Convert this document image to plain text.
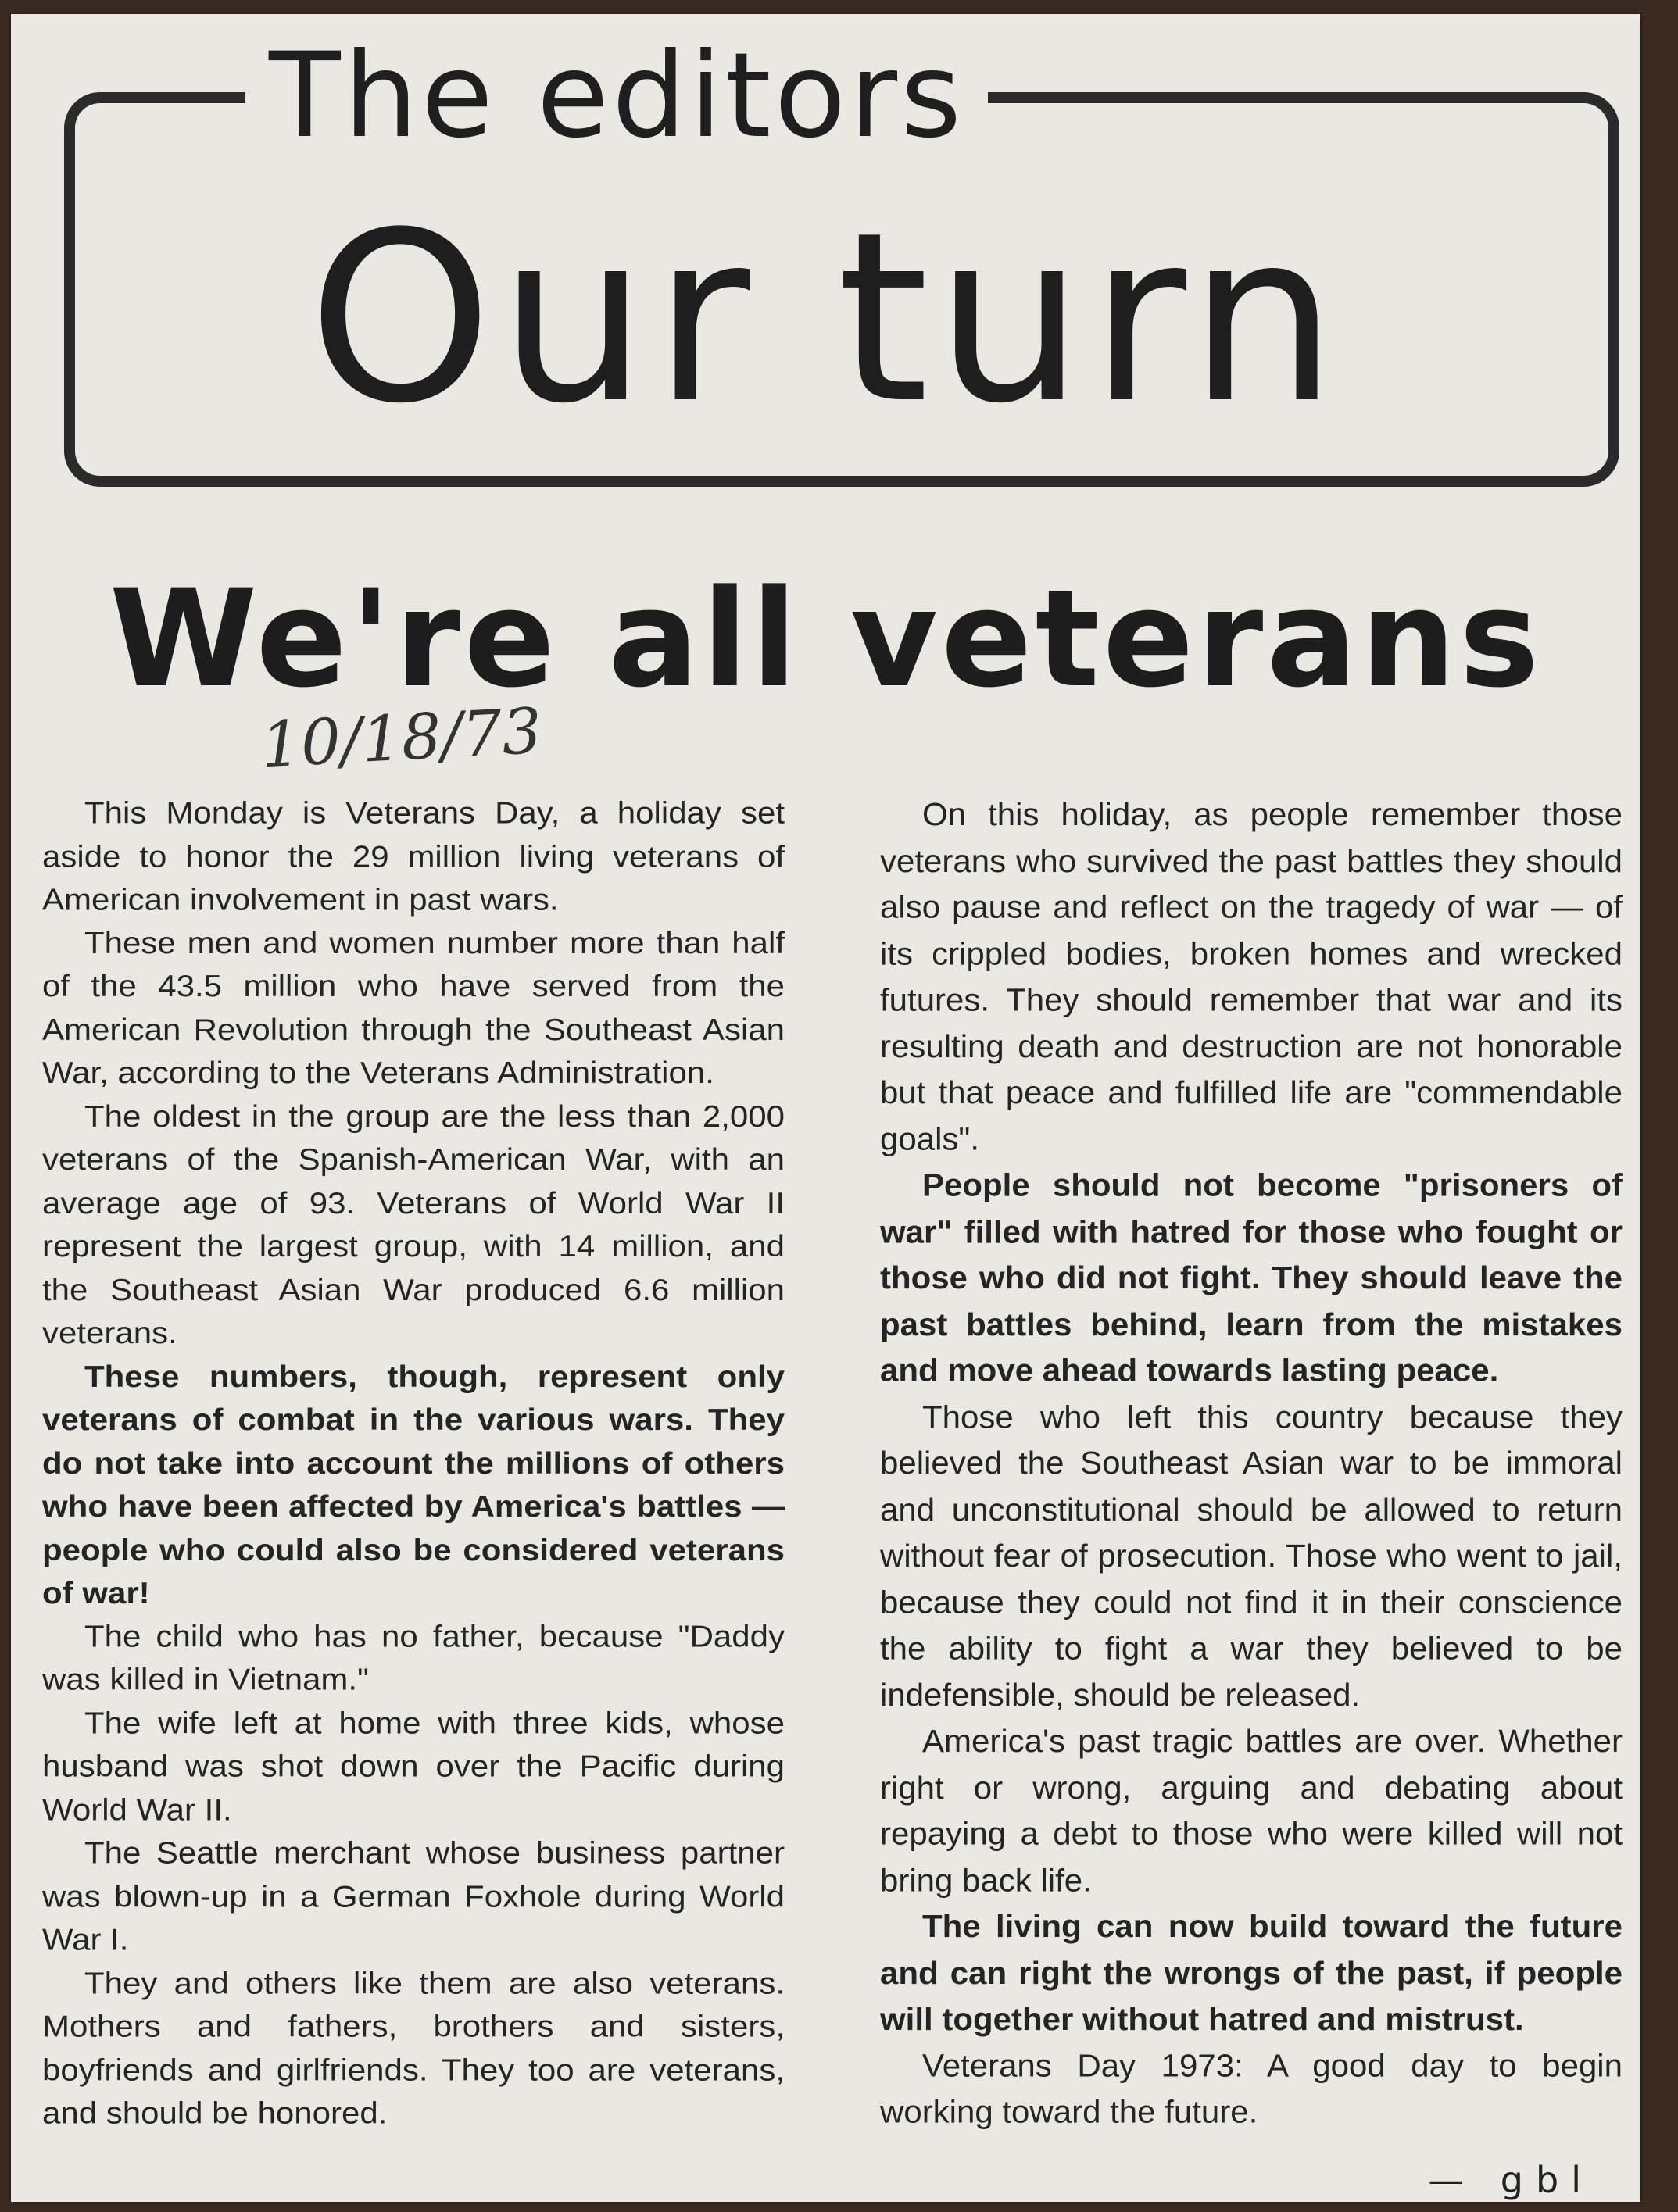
The editors
Our turn
We're all veterans
10/18/73

This Monday is Veterans Day, a holiday set aside to honor the 29 million living veterans of American involvement in past wars.

These men and women number more than half of the 43.5 million who have served from the American Revolution through the Southeast Asian War, according to the Veterans Administration.

The oldest in the group are the less than 2,000 veterans of the Spanish-American War, with an average age of 93. Veterans of World War II represent the largest group, with 14 million, and the Southeast Asian War produced 6.6 million veterans.

These numbers, though, represent only veterans of combat in the various wars. They do not take into account the millions of others who have been affected by America's battles — people who could also be considered veterans of war!

The child who has no father, because "Daddy was killed in Vietnam."

The wife left at home with three kids, whose husband was shot down over the Pacific during World War II.

The Seattle merchant whose business partner was blown-up in a German Foxhole during World War I.

They and others like them are also veterans. Mothers and fathers, brothers and sisters, boyfriends and girlfriends. They too are veterans, and should be honored.

On this holiday, as people remember those veterans who survived the past battles they should also pause and reflect on the tragedy of war — of its crippled bodies, broken homes and wrecked futures. They should remember that war and its resulting death and destruction are not honorable but that peace and fulfilled life are "commendable goals".

People should not become "prisoners of war" filled with hatred for those who fought or those who did not fight. They should leave the past battles behind, learn from the mistakes and move ahead towards lasting peace.

Those who left this country because they believed the Southeast Asian war to be immoral and unconstitutional should be allowed to return without fear of prosecution. Those who went to jail, because they could not find it in their conscience the ability to fight a war they believed to be indefensible, should be released.

America's past tragic battles are over. Whether right or wrong, arguing and debating about repaying a debt to those who were killed will not bring back life.

The living can now build toward the future and can right the wrongs of the past, if people will together without hatred and mistrust.

Veterans Day 1973: A good day to begin working toward the future.

— gbl
